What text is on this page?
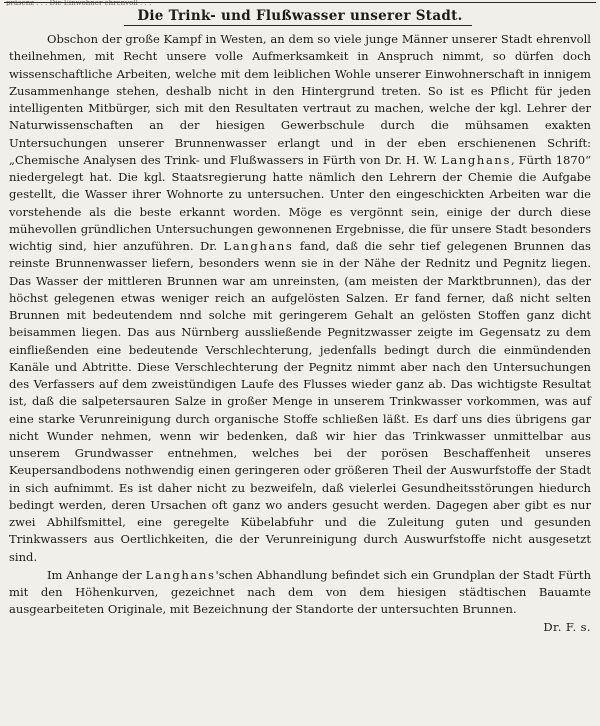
präsenz . . . Die Einwohner ehrenvoll . . .
Die Trink- und Flußwasser unserer Stadt.

Obschon der große Kampf in Westen, an dem so viele junge Männer unserer Stadt ehrenvoll theilnehmen, mit Recht unsere volle Aufmerksamkeit in Anspruch nimmt, so dürfen doch wissenschaftliche Arbeiten, welche mit dem leiblichen Wohle unserer Einwohnerschaft in innigem Zusammenhange stehen, deshalb nicht in den Hintergrund treten. So ist es Pflicht für jeden intelligenten Mitbürger, sich mit den Resultaten vertraut zu machen, welche der kgl. Lehrer der Naturwissenschaften an der hiesigen Gewerbschule durch die mühsamen exakten Untersuchungen unserer Brunnenwasser erlangt und in der eben erschienenen Schrift: „Chemische Analysen des Trink- und Flußwassers in Fürth von Dr. H. W. Langhans, Fürth 1870“ niedergelegt hat. Die kgl. Staatsregierung hatte nämlich den Lehrern der Chemie die Aufgabe gestellt, die Wasser ihrer Wohnorte zu untersuchen. Unter den eingeschickten Arbeiten war die vorstehende als die beste erkannt worden. Möge es vergönnt sein, einige der durch diese mühevollen gründlichen Untersuchungen gewonnenen Ergebnisse, die für unsere Stadt besonders wichtig sind, hier anzuführen. Dr. Langhans fand, daß die sehr tief gelegenen Brunnen das reinste Brunnenwasser liefern, besonders wenn sie in der Nähe der Rednitz und Pegnitz liegen. Das Wasser der mittleren Brunnen war am unreinsten, (am meisten der Marktbrunnen), das der höchst gelegenen etwas weniger reich an aufgelösten Salzen. Er fand ferner, daß nicht selten Brunnen mit bedeutendem nnd solche mit geringerem Gehalt an gelösten Stoffen ganz dicht beisammen liegen. Das aus Nürnberg aussließende Pegnitzwasser zeigte im Gegensatz zu dem einfließenden eine bedeutende Verschlechterung, jedenfalls bedingt durch die einmündenden Kanäle und Abtritte. Diese Verschlechterung der Pegnitz nimmt aber nach den Untersuchungen des Verfassers auf dem zweistündigen Laufe des Flusses wieder ganz ab. Das wichtigste Resultat ist, daß die salpetersauren Salze in großer Menge in unserem Trinkwasser vorkommen, was auf eine starke Verunreinigung durch organische Stoffe schließen läßt. Es darf uns dies übrigens gar nicht Wunder nehmen, wenn wir bedenken, daß wir hier das Trinkwasser unmittelbar aus unserem Grundwasser entnehmen, welches bei der porösen Beschaffenheit unseres Keupersandbodens nothwendig einen geringeren oder größeren Theil der Auswurfstoffe der Stadt in sich aufnimmt. Es ist daher nicht zu bezweifeln, daß vielerlei Gesundheitsstörungen hiedurch bedingt werden, deren Ursachen oft ganz wo anders gesucht werden. Dagegen aber gibt es nur zwei Abhilfsmittel, eine geregelte Kübelabfuhr und die Zuleitung guten und gesunden Trinkwassers aus Oertlichkeiten, die der Verunreinigung durch Auswurfstoffe nicht ausgesetzt sind.

Im Anhange der Langhans'schen Abhandlung befindet sich ein Grundplan der Stadt Fürth mit den Höhenkurven, gezeichnet nach dem von dem hiesigen städtischen Bauamte ausgearbeiteten Originale, mit Bezeichnung der Standorte der untersuchten Brunnen.
Dr. F. s.
